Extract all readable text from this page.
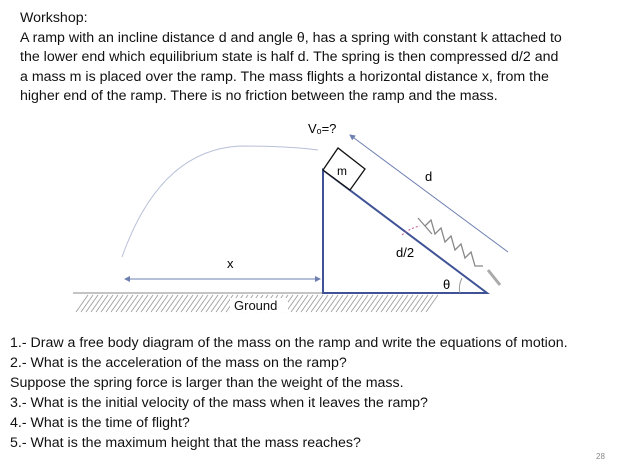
Workshop:
A ramp with an incline distance d and angle θ, has a spring with constant k attached to
the lower end which equilibrium state is half d. The spring is then compressed d/2 and
a mass m is placed over the ramp. The mass flights a horizontal distance x, from the
higher end of the ramp. There is no friction between the ramp and the mass.
Ground
m
x
d
Vₒ=?
d/2
θ
1.- Draw a free body diagram of the mass on the ramp and write the equations of motion.
2.- What is the acceleration of the mass on the ramp?
Suppose the spring force is larger than the weight of the mass.
3.- What is the initial velocity of the mass when it leaves the ramp?
4.- What is the time of flight?
5.- What is the maximum height that the mass reaches?
28
